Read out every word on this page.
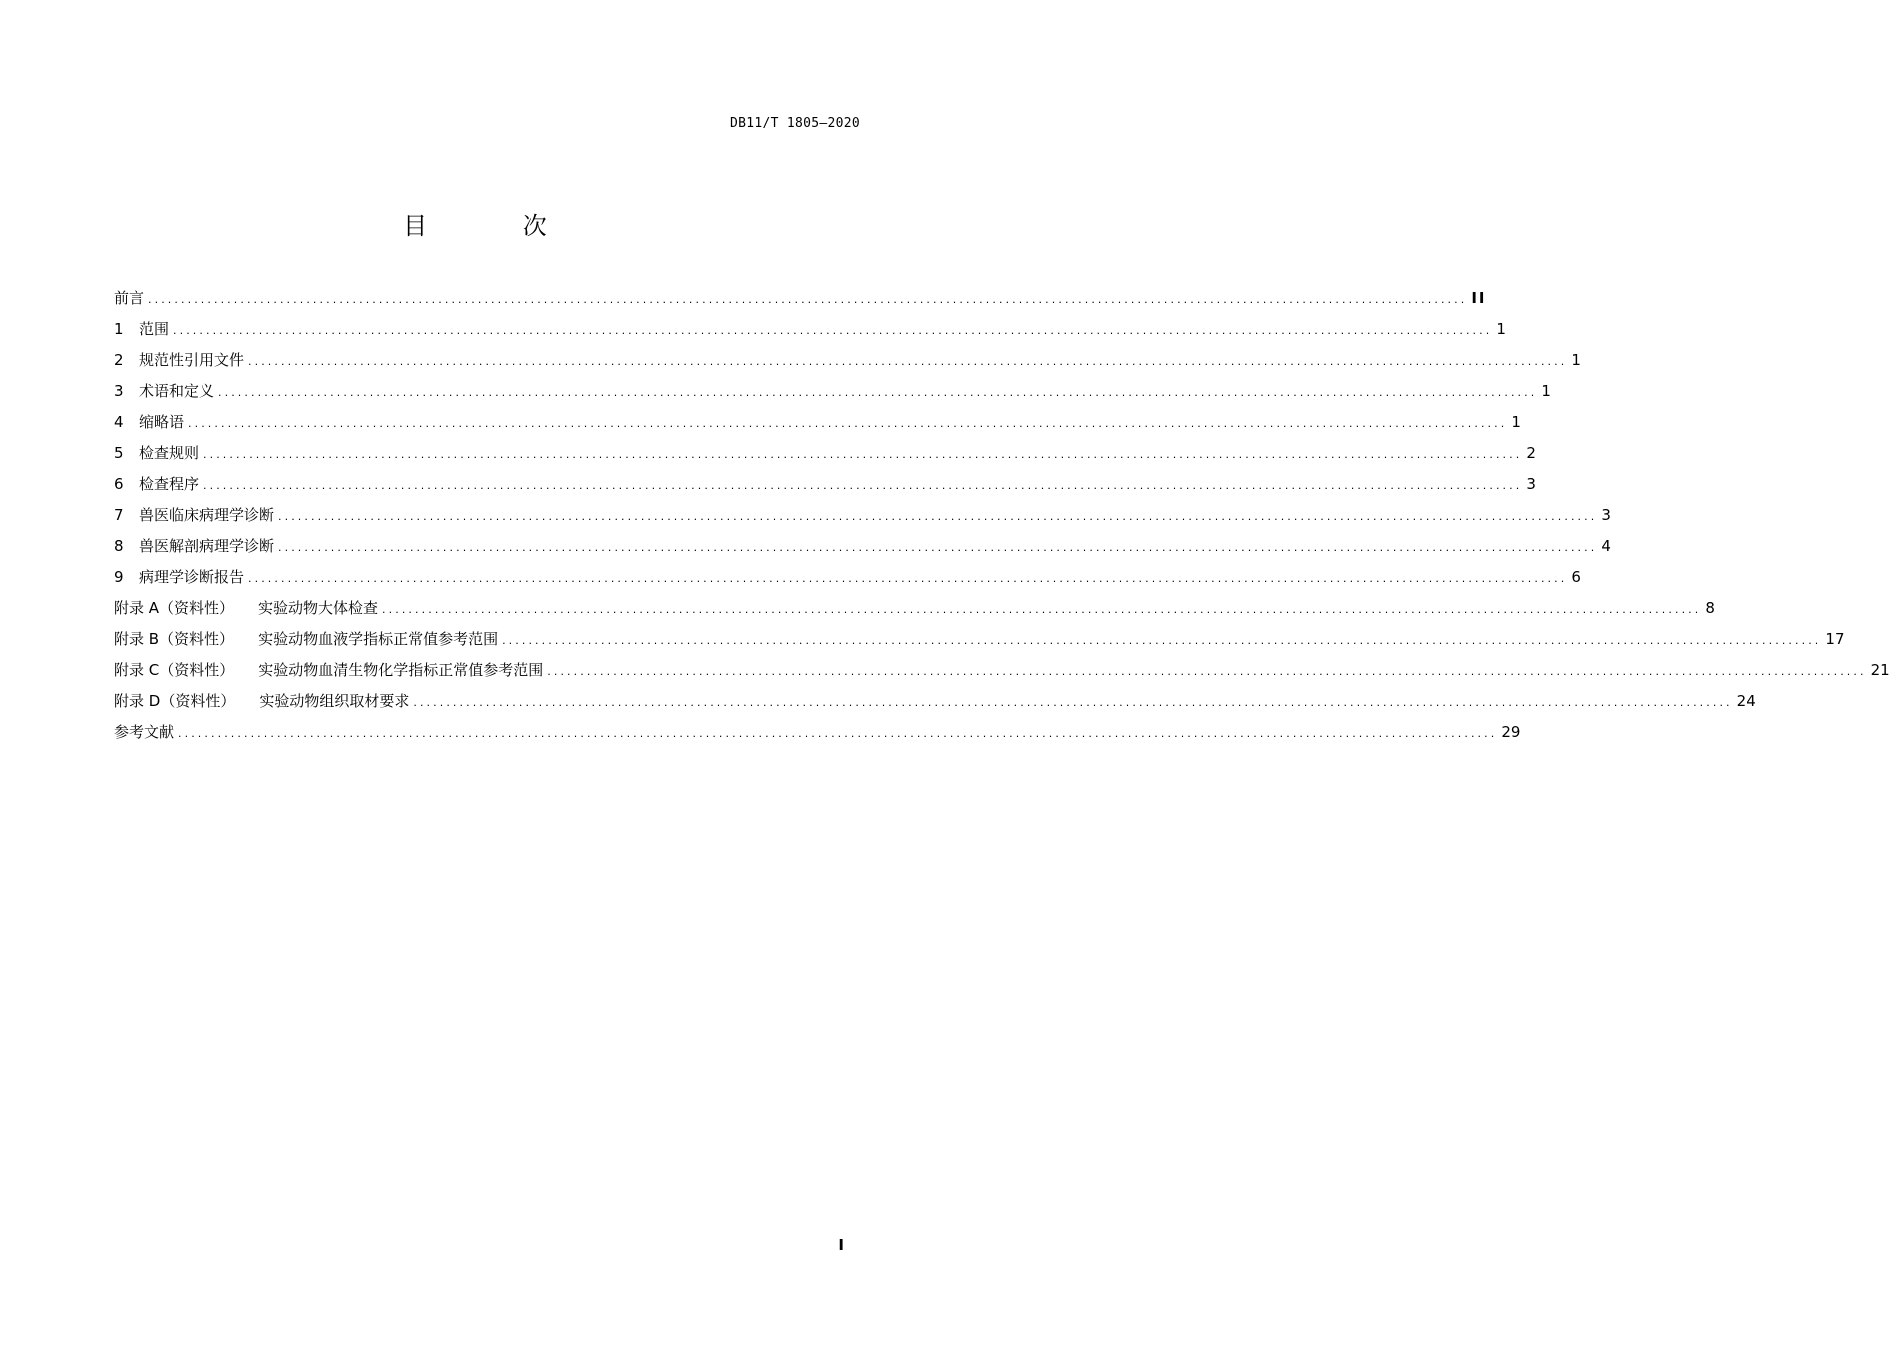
DB11/T 1805—2020
目 次
前言 ........................................................................................................................................................................................................ II
1	范围 ........................................................................................................................................................................................................ 1
2	规范性引用文件 ........................................................................................................................................................................................................ 1
3	术语和定义 ........................................................................................................................................................................................................ 1
4	缩略语 ........................................................................................................................................................................................................ 1
5	检查规则 ........................................................................................................................................................................................................ 2
6	检查程序 ........................................................................................................................................................................................................ 3
7	兽医临床病理学诊断 ........................................................................................................................................................................................................ 3
8	兽医解剖病理学诊断 ........................................................................................................................................................................................................ 4
9	病理学诊断报告 ........................................................................................................................................................................................................ 6
附录 A（资料性）	实验动物大体检查 ........................................................................................................................................................................................................ 8
附录 B（资料性）	实验动物血液学指标正常值参考范围 ........................................................................................................................................................................................................ 17
附录 C（资料性）	实验动物血清生物化学指标正常值参考范围 ........................................................................................................................................................................................................ 21
附录 D（资料性）	实验动物组织取材要求 ........................................................................................................................................................................................................ 24
参考文献 ........................................................................................................................................................................................................ 29
I
